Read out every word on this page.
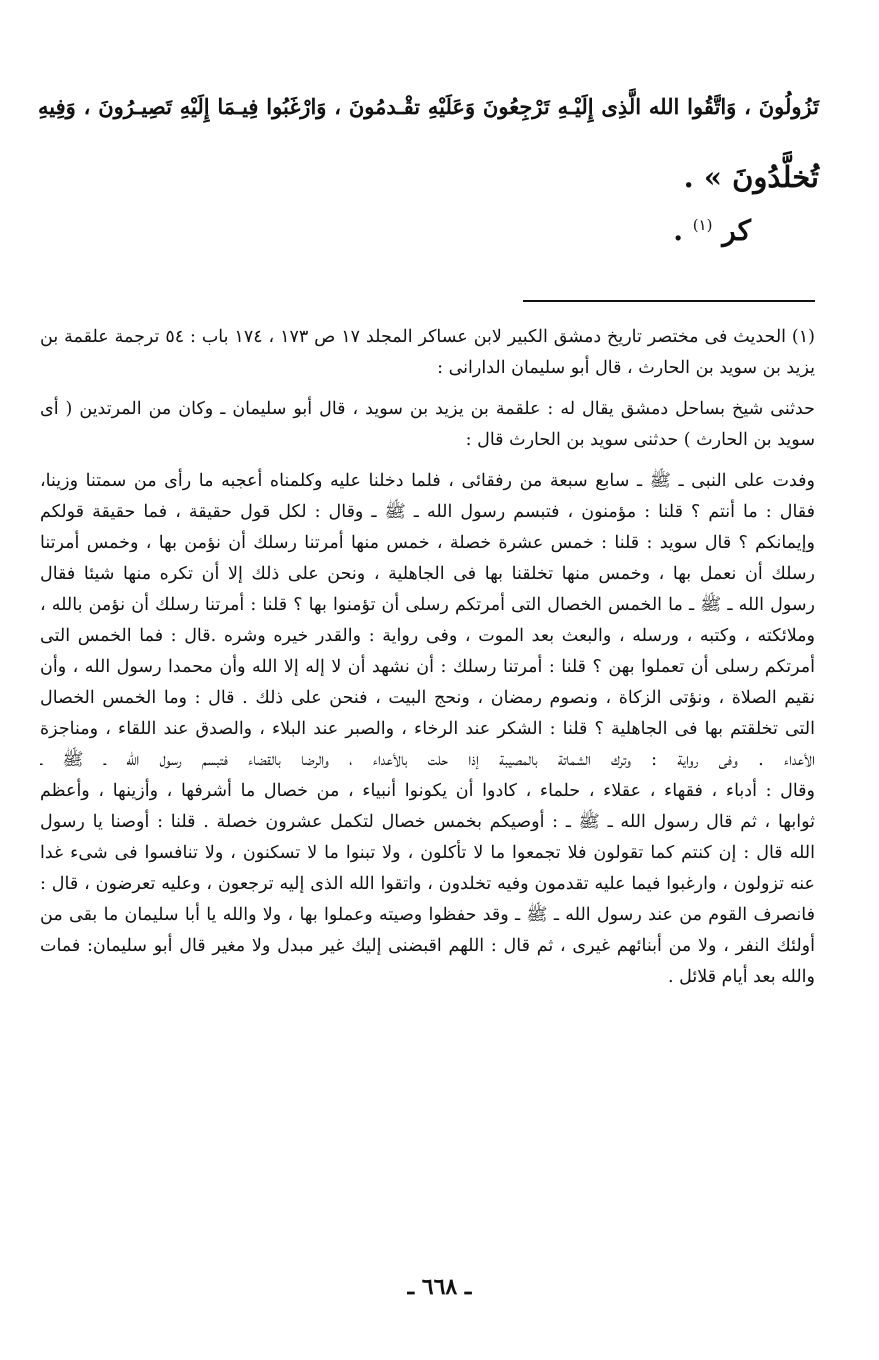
تَزُولُونَ ، وَاتَّقُوا الله الَّذِى إِلَيْـهِ تَرْجِعُونَ وَعَلَيْهِ تقْـدمُونَ ، وَارْغَبُوا فِيـمَا إِلَيْهِ تَصِيـرُونَ ، وَفِيهِ
تُخلَّدُونَ » .
كر $^{(١)}$ .
(١) الحديث فى مختصر تاريخ دمشق الكبير لابن عساكر المجلد ١٧ ص ١٧٣ ، ١٧٤ باب : ٥٤ ترجمة علقمة بن
يزيد بن سويد بن الحارث ، قال أبو سليمان الدارانى :
حدثنى شيخ بساحل دمشق يقال له : علقمة بن يزيد بن سويد ، قال أبو سليمان ـ وكان من المرتدين ( أى
سويد بن الحارث ) حدثنى سويد بن الحارث قال :
وفدت على النبى ـ ﷺ ـ سابع سبعة من رفقائى ، فلما دخلنا عليه وكلمناه أعجبه ما رأى من سمتنا وزينا،
فقال : ما أنتم ؟ قلنا : مؤمنون ، فتبسم رسول الله ـ ﷺ ـ وقال : لكل قول حقيقة ، فما حقيقة قولكم
وإيمانكم ؟ قال سويد : قلنا : خمس عشرة خصلة ، خمس منها أمرتنا رسلك أن نؤمن بها ، وخمس أمرتنا
رسلك أن نعمل بها ، وخمس منها تخلقنا بها فى الجاهلية ، ونحن على ذلك إلا أن تكره منها شيئا فقال
رسول الله ـ ﷺ ـ ما الخمس الخصال التى أمرتكم رسلى أن تؤمنوا بها ؟ قلنا : أمرتنا رسلك أن نؤمن بالله ،
وملائكته ، وكتبه ، ورسله ، والبعث بعد الموت ، وفى رواية : والقدر خيره وشره .قال : فما الخمس التى
أمرتكم رسلى أن تعملوا بهن ؟ قلنا : أمرتنا رسلك : أن نشهد أن لا إله إلا الله وأن محمدا رسول الله ، وأن
نقيم الصلاة ، ونؤتى الزكاة ، ونصوم رمضان ، ونحج البيت ، فنحن على ذلك . قال : وما الخمس الخصال
التى تخلقتم بها فى الجاهلية ؟ قلنا : الشكر عند الرخاء ، والصبر عند البلاء ، والصدق عند اللقاء ، ومناجزة
الأعداء . وفى رواية : وترك الشماتة بالمصيبة إذا حلت بالأعداء ، والرضا بالقضاء فتبسم رسول الله ـ ﷺ ـ
وقال : أدباء ، فقهاء ، عقلاء ، حلماء ، كادوا أن يكونوا أنبياء ، من خصال ما أشرفها ، وأزينها ، وأعظم
ثوابها ، ثم قال رسول الله ـ ﷺ ـ : أوصيكم بخمس خصال لتكمل عشرون خصلة . قلنا : أوصنا يا رسول
الله قال : إن كنتم كما تقولون فلا تجمعوا ما لا تأكلون ، ولا تبنوا ما لا تسكنون ، ولا تنافسوا فى شىء غدا
عنه تزولون ، وارغبوا فيما عليه تقدمون وفيه تخلدون ، واتقوا الله الذى إليه ترجعون ، وعليه تعرضون ، قال :
فانصرف القوم من عند رسول الله ـ ﷺ ـ وقد حفظوا وصيته وعملوا بها ، ولا والله يا أبا سليمان ما بقى من
أولئك النفر ، ولا من أبنائهم غيرى ، ثم قال : اللهم اقبضنى إليك غير مبدل ولا مغير قال أبو سليمان: فمات
والله بعد أيام قلائل .
ـ ٦٦٨ ـ
